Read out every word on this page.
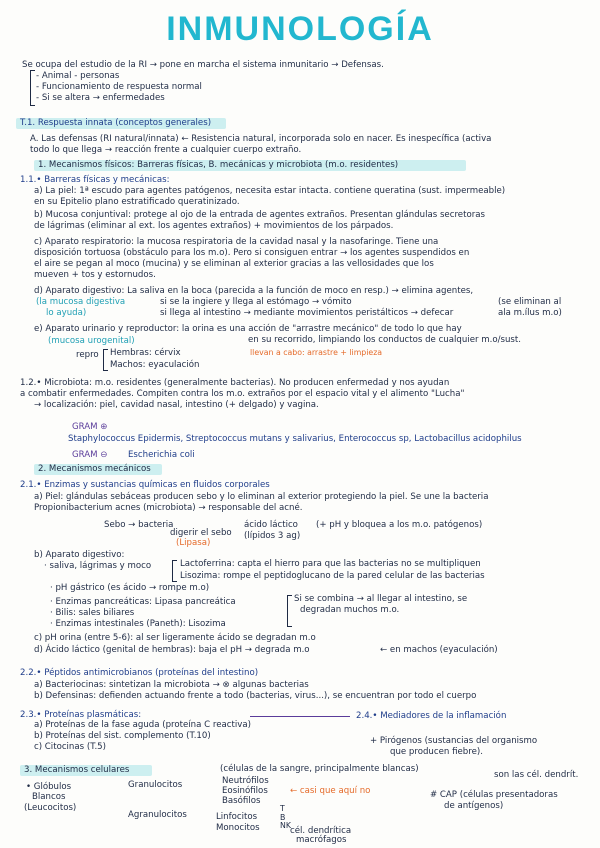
INMUNOLOGÍA
Se ocupa del estudio de la RI → pone en marcha el sistema inmunitario → Defensas.
- Animal - personas
- Funcionamiento de respuesta normal
- Si se altera → enfermedades
T.1. Respuesta innata (conceptos generales)
A. Las defensas (RI natural/innata) ← Resistencia natural, incorporada solo en nacer. Es inespecífica (activa
todo lo que llega → reacción frente a cualquier cuerpo extraño.
1. Mecanismos físicos: Barreras físicas, B. mecánicas y microbiota (m.o. residentes)
1.1.• Barreras físicas y mecánicas:
a) La piel: 1ª escudo para agentes patógenos, necesita estar intacta. contiene queratina (sust. impermeable)
en su Epitelio plano estratificado queratinizado.
b) Mucosa conjuntival: protege al ojo de la entrada de agentes extraños. Presentan glándulas secretoras
de lágrimas (eliminar al ext. los agentes extraños) + movimientos de los párpados.
c) Aparato respiratorio: la mucosa respiratoria de la cavidad nasal y la nasofaringe. Tiene una
disposición tortuosa (obstáculo para los m.o). Pero si consiguen entrar → los agentes suspendidos en
el aire se pegan al moco (mucina) y se eliminan al exterior gracias a las vellosidades que los
mueven + tos y estornudos.
d) Aparato digestivo: La saliva en la boca (parecida a la función de moco en resp.) → elimina agentes,
(la mucosa digestiva	si se la ingiere y llega al estómago → vómito	(se eliminan al
lo ayuda)	si llega al intestino → mediante movimientos peristálticos → defecar	ala m.ílus m.o)
e) Aparato urinario y reproductor: la orina es una acción de "arrastre mecánico" de todo lo que hay
en su recorrido, limpiando los conductos de cualquier m.o/sust.
(mucosa urogenital)
repro Hembras: cérvix
Machos: eyaculación
llevan a cabo: arrastre + limpieza
1.2.• Microbiota: m.o. residentes (generalmente bacterias). No producen enfermedad y nos ayudan
a combatir enfermedades. Compiten contra los m.o. extraños por el espacio vital y el alimento "Lucha"
→ localización: piel, cavidad nasal, intestino (+ delgado) y vagina.
GRAM ⊕
Staphylococcus Epidermis, Streptococcus mutans y salivarius, Enterococcus sp, Lactobacillus acidophilus
GRAM ⊖ Escherichia coli
2. Mecanismos mecánicos
2.1.• Enzimas y sustancias químicas en fluidos corporales
a) Piel: glándulas sebáceas producen sebo y lo eliminan al exterior protegiendo la piel. Se une la bacteria
Propionibacterium acnes (microbiota) → responsable del acné.
Sebo → bacteria
digerir el sebo
(Lipasa)
ácido láctico
(lípidos 3 ag)
(+ pH y bloquea a los m.o. patógenos)
b) Aparato digestivo:
· saliva, lágrimas y moco	Lactoferrina: capta el hierro para que las bacterias no se multipliquen
Lisozima: rompe el peptidoglucano de la pared celular de las bacterias
· pH gástrico (es ácido → rompe m.o)
· Enzimas pancreáticas: Lipasa pancreática
· Bilis: sales biliares
· Enzimas intestinales (Paneth): Lisozima
Si se combina → al llegar al intestino, se
degradan muchos m.o.
c) pH orina (entre 5-6): al ser ligeramente ácido se degradan m.o
d) Ácido láctico (genital de hembras): baja el pH → degrada m.o	← en machos (eyaculación)
2.2.• Péptidos antimicrobianos (proteínas del intestino)
a) Bacteriocinas: sintetizan la microbiota → ⊗ algunas bacterias
b) Defensinas: defienden actuando frente a todo (bacterias, virus...), se encuentran por todo el cuerpo
2.3.• Proteínas plasmáticas:
a) Proteínas de la fase aguda (proteína C reactiva)
b) Proteínas del sist. complemento (T.10)
c) Citocinas (T.5)
2.4.• Mediadores de la inflamación
+ Pirógenos (sustancias del organismo
que producen fiebre).
3. Mecanismos celulares	(células de la sangre, principalmente blancas)
• Glóbulos
Blancos
(Leucocitos)
Granulocitos	Neutrófilos
Eosinófilos
Basófilos
← casi que aquí no
Agranulocitos	Linfocitos
Monocitos
T
B
NK
cél. dendrítica
macrófagos
son las cél. dendrít.
# CAP (células presentadoras
de antígenos)
